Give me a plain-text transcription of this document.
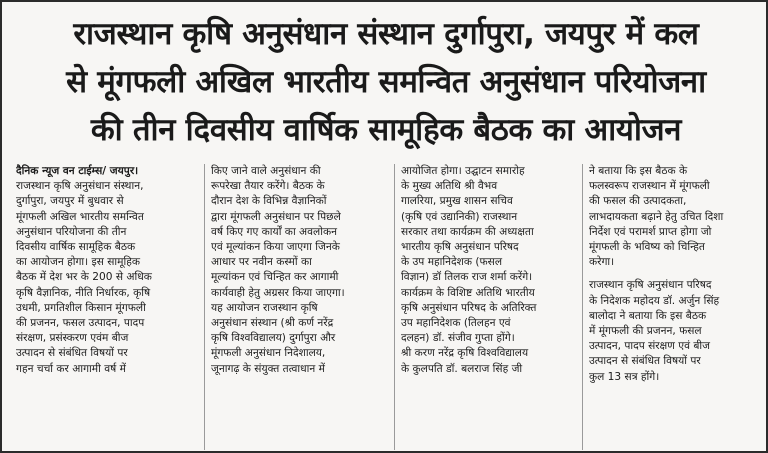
राजस्थान कृषि अनुसंधान संस्थान दुर्गापुरा, जयपुर में कल
से मूंगफली अखिल भारतीय समन्वित अनुसंधान परियोजना
की तीन दिवसीय वार्षिक सामूहिक बैठक का आयोजन
दैनिक न्यूज वन टाईम्स/ जयपुर।
राजस्थान कृषि अनुसंधान संस्थान,
दुर्गापुरा, जयपुर में बुधवार से
मूंगफली अखिल भारतीय समन्वित
अनुसंधान परियोजना की तीन
दिवसीय वार्षिक सामूहिक बैठक
का आयोजन होगा। इस सामूहिक
बैठक में देश भर के 200 से अधिक
कृषि वैज्ञानिक, नीति निर्धारक, कृषि
उधमी, प्रगतिशील किसान मूंगफली
की प्रजनन, फसल उत्पादन, पादप
संरक्षण, प्रसंस्करण एवंम बीज
उत्पादन से संबंधित विषयों पर
गहन चर्चा कर आगामी वर्ष में
किए जाने वाले अनुसंधान की
रूपरेखा तैयार करेंगे। बैठक के
दौरान देश के विभिन्न वैज्ञानिकों
द्वारा मूंगफली अनुसंधान पर पिछले
वर्ष किए गए कार्यों का अवलोकन
एवं मूल्यांकन किया जाएगा जिनके
आधार पर नवीन कस्मों का
मूल्यांकन एवं चिन्हित कर आगामी
कार्यवाही हेतु अग्रसर किया जाएगा।
यह आयोजन राजस्थान कृषि
अनुसंधान संस्थान (श्री कर्ण नरेंद्र
कृषि विश्वविद्यालय) दुर्गापुरा और
मूंगफली अनुसंधान निदेशालय,
जूनागढ़ के संयुक्त तत्वाधान में
आयोजित होगा। उद्घाटन समारोह
के मुख्य अतिथि श्री वैभव
गालरिया, प्रमुख शासन सचिव
(कृषि एवं उद्यानिकी) राजस्थान
सरकार तथा कार्यक्रम की अध्यक्षता
भारतीय कृषि अनुसंधान परिषद
के उप महानिदेशक (फसल
विज्ञान) डॉ तिलक राज शर्मा करेंगे।
कार्यक्रम के विशिष्ट अतिथि भारतीय
कृषि अनुसंधान परिषद के अतिरिक्त
उप महानिदेशक (तिलहन एवं
दलहन) डॉ. संजीव गुप्ता होंगे।
श्री करण नरेंद्र कृषि विश्वविद्यालय
के कुलपति डॉ. बलराज सिंह जी
ने बताया कि इस बैठक के
फलस्वरूप राजस्थान में मूंगफली
की फसल की उत्पादकता,
लाभदायकता बढ़ाने हेतु उचित दिशा
निर्देश एवं परामर्श प्राप्त होगा जो
मूंगफली के भविष्य को चिन्हित
करेगा।
राजस्थान कृषि अनुसंधान परिषद
के निदेशक महोदय डॉ. अर्जुन सिंह
बालोदा ने बताया कि इस बैठक
में मूंगफली की प्रजनन, फसल
उत्पादन, पादप संरक्षण एवं बीज
उत्पादन से संबंधित विषयों पर
कुल 13 सत्र होंगे।
